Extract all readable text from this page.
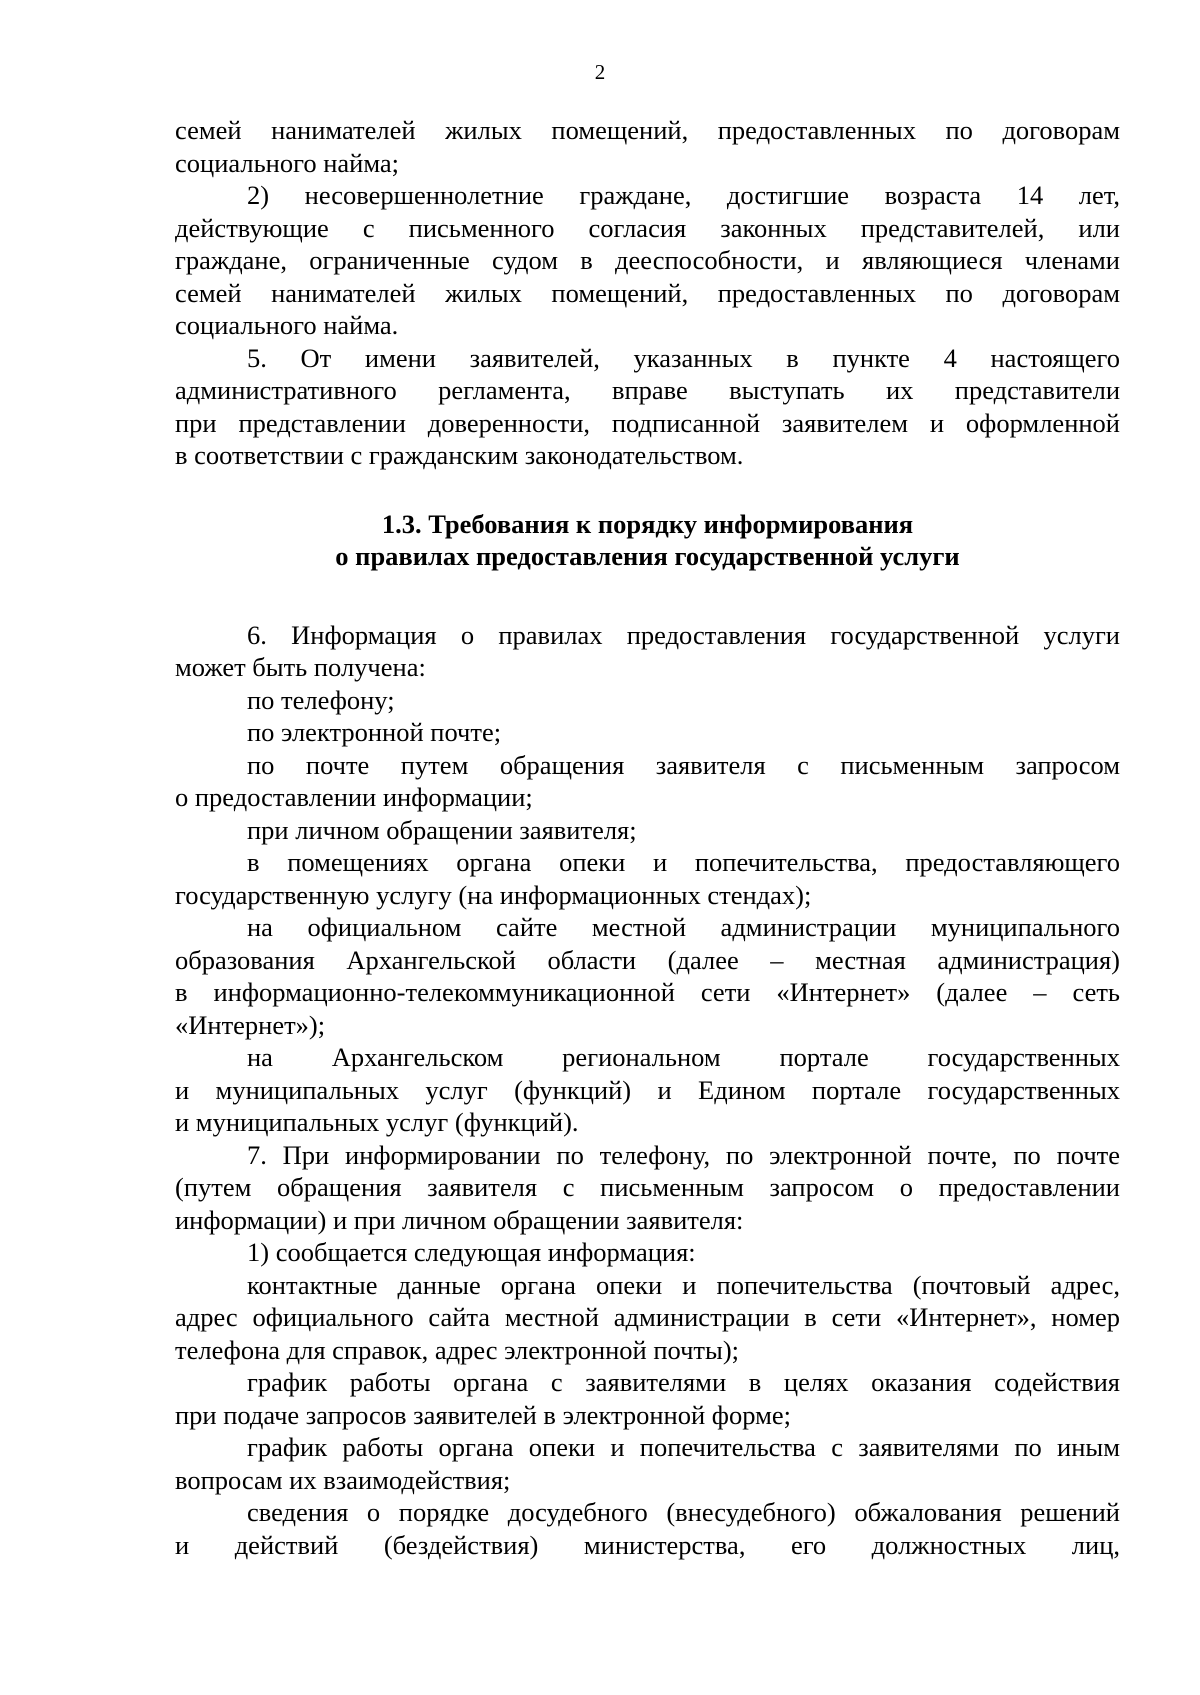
2
семей нанимателей жилых помещений, предоставленных по договорам
социального найма;
2) несовершеннолетние граждане, достигшие возраста 14 лет,
действующие с письменного согласия законных представителей, или
граждане, ограниченные судом в дееспособности, и являющиеся членами
семей нанимателей жилых помещений, предоставленных по договорам
социального найма.
5. От имени заявителей, указанных в пункте 4 настоящего
административного регламента, вправе выступать их представители
при представлении доверенности, подписанной заявителем и оформленной
в соответствии с гражданским законодательством.
1.3. Требования к порядку информирования
о правилах предоставления государственной услуги
6. Информация о правилах предоставления государственной услуги
может быть получена:
по телефону;
по электронной почте;
по почте путем обращения заявителя с письменным запросом
о предоставлении информации;
при личном обращении заявителя;
в помещениях органа опеки и попечительства, предоставляющего
государственную услугу (на информационных стендах);
на официальном сайте местной администрации муниципального
образования Архангельской области (далее – местная администрация)
в информационно-телекоммуникационной сети «Интернет» (далее – сеть
«Интернет»);
на Архангельском региональном портале государственных
и муниципальных услуг (функций) и Едином портале государственных
и муниципальных услуг (функций).
7. При информировании по телефону, по электронной почте, по почте
(путем обращения заявителя с письменным запросом о предоставлении
информации) и при личном обращении заявителя:
1) сообщается следующая информация:
контактные данные органа опеки и попечительства (почтовый адрес,
адрес официального сайта местной администрации в сети «Интернет», номер
телефона для справок, адрес электронной почты);
график работы органа с заявителями в целях оказания содействия
при подаче запросов заявителей в электронной форме;
график работы органа опеки и попечительства с заявителями по иным
вопросам их взаимодействия;
сведения о порядке досудебного (внесудебного) обжалования решений
и действий (бездействия) министерства, его должностных лиц,
